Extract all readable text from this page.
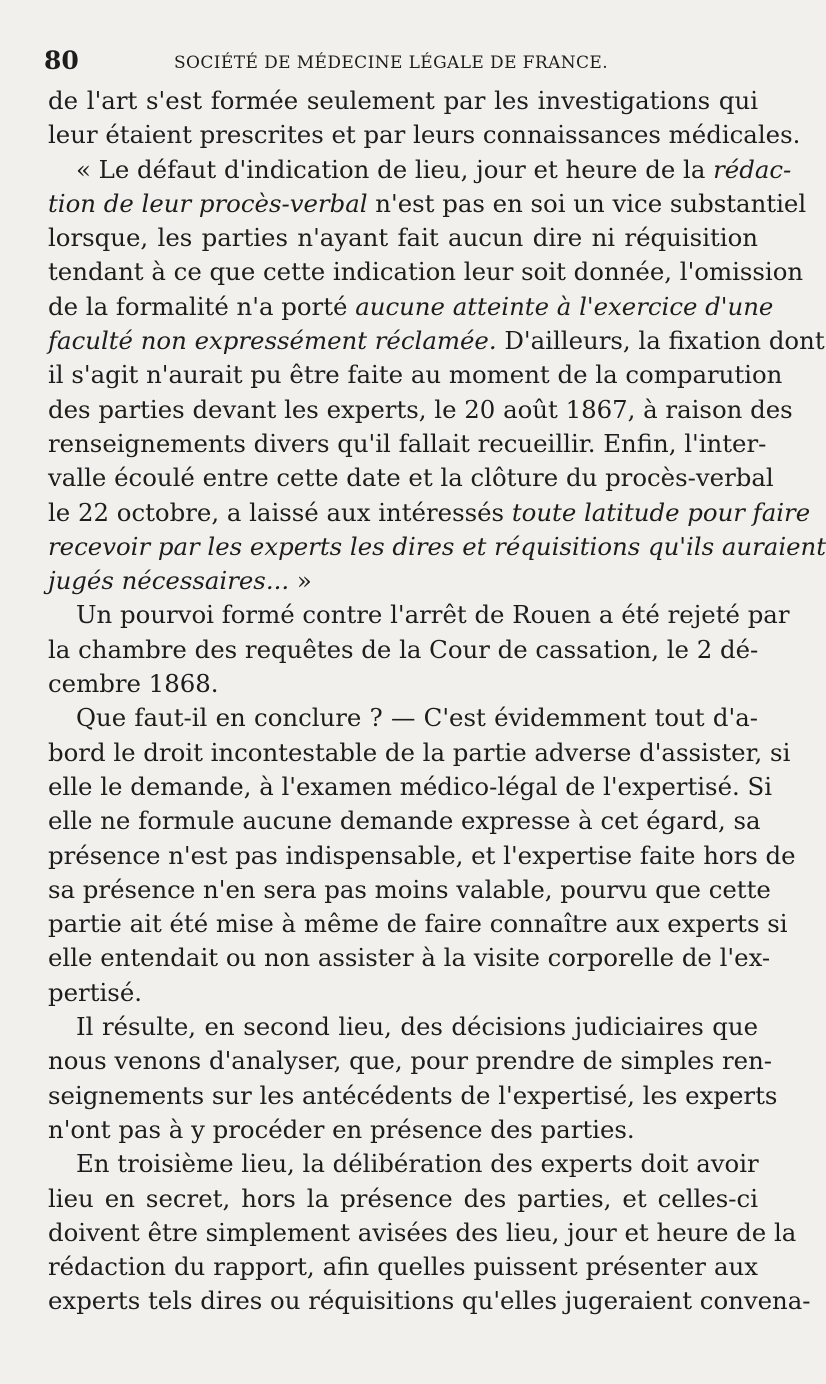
80	SOCIÉTÉ DE MÉDECINE LÉGALE DE FRANCE.
de l'art s'est formée seulement par les investigations qui
leur étaient prescrites et par leurs connaissances médicales.
« Le défaut d'indication de lieu, jour et heure de la rédac-
tion de leur procès-verbal n'est pas en soi un vice substantiel
lorsque, les parties n'ayant fait aucun dire ni réquisition
tendant à ce que cette indication leur soit donnée, l'omission
de la formalité n'a porté aucune atteinte à l'exercice d'une
faculté non expressément réclamée. D'ailleurs, la fixation dont
il s'agit n'aurait pu être faite au moment de la comparution
des parties devant les experts, le 20 août 1867, à raison des
renseignements divers qu'il fallait recueillir. Enfin, l'inter-
valle écoulé entre cette date et la clôture du procès-verbal
le 22 octobre, a laissé aux intéressés toute latitude pour faire
recevoir par les experts les dires et réquisitions qu'ils auraient
jugés nécessaires... »
Un pourvoi formé contre l'arrêt de Rouen a été rejeté par
la chambre des requêtes de la Cour de cassation, le 2 dé-
cembre 1868.
Que faut-il en conclure ? — C'est évidemment tout d'a-
bord le droit incontestable de la partie adverse d'assister, si
elle le demande, à l'examen médico-légal de l'expertisé. Si
elle ne formule aucune demande expresse à cet égard, sa
présence n'est pas indispensable, et l'expertise faite hors de
sa présence n'en sera pas moins valable, pourvu que cette
partie ait été mise à même de faire connaître aux experts si
elle entendait ou non assister à la visite corporelle de l'ex-
pertisé.
Il résulte, en second lieu, des décisions judiciaires que
nous venons d'analyser, que, pour prendre de simples ren-
seignements sur les antécédents de l'expertisé, les experts
n'ont pas à y procéder en présence des parties.
En troisième lieu, la délibération des experts doit avoir
lieu en secret, hors la présence des parties, et celles-ci
doivent être simplement avisées des lieu, jour et heure de la
rédaction du rapport, afin quelles puissent présenter aux
experts tels dires ou réquisitions qu'elles jugeraient convena-
